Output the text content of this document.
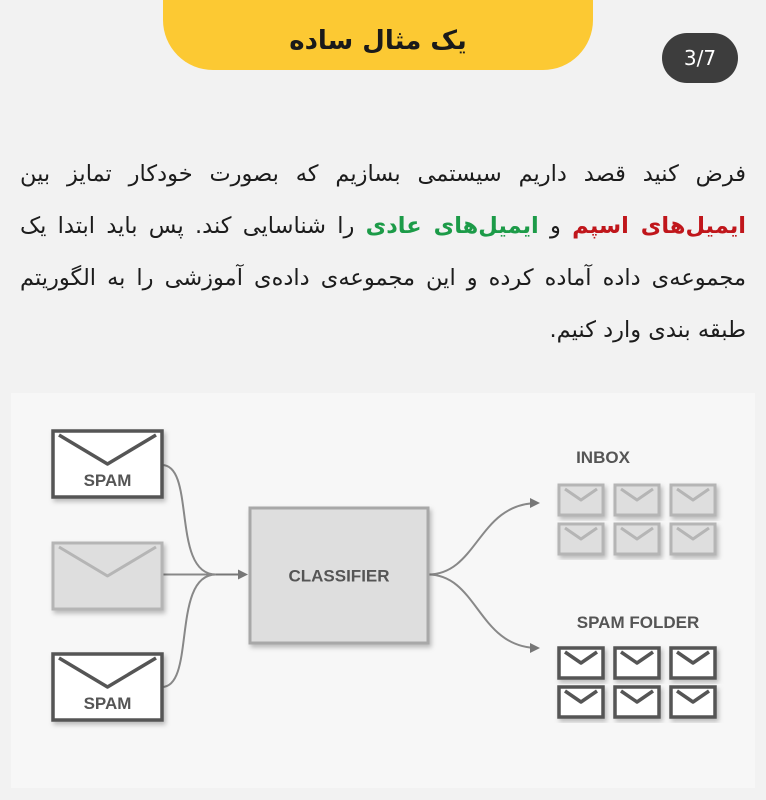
یک مثال ساده
3/7
فرض کنید قصد داریم سیستمی بسازیم که بصورت خودکار تمایز بین ایمیل‌های اسپم و ایمیل‌های عادی را شناسایی کند. پس باید ابتدا یک مجموعه‌ی داده آماده کرده و این مجموعه‌ی داده‌ی آموزشی را به الگوریتم طبقه بندی وارد کنیم.
SPAM
SPAM
CLASSIFIER
INBOX
SPAM FOLDER
